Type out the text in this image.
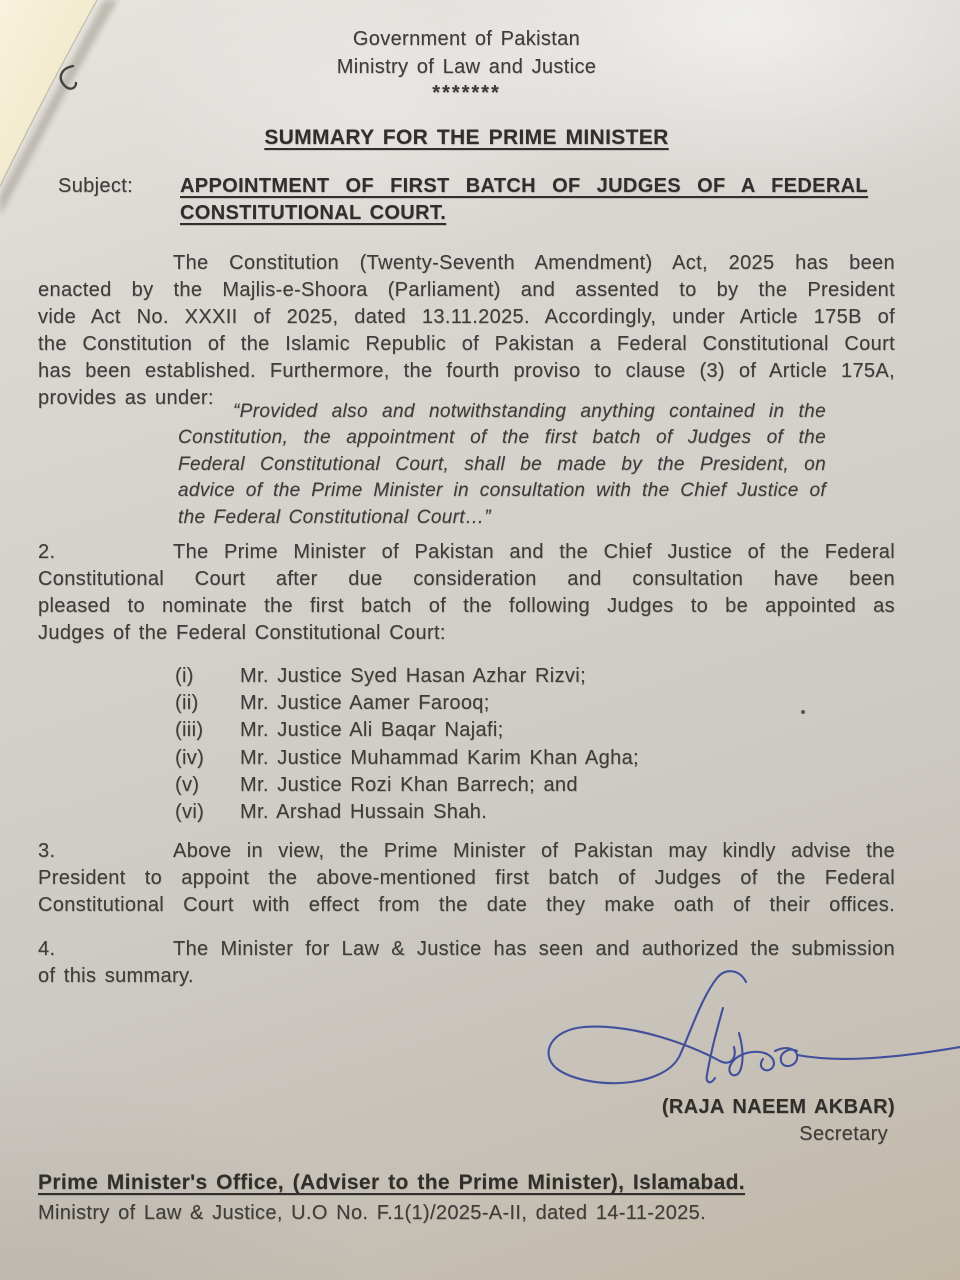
Government of Pakistan
Ministry of Law and Justice
*******
SUMMARY FOR THE PRIME MINISTER
Subject: APPOINTMENT OF FIRST BATCH OF JUDGES OF A FEDERAL
CONSTITUTIONAL COURT.
The Constitution (Twenty-Seventh Amendment) Act, 2025 has been
enacted by the Majlis-e-Shoora (Parliament) and assented to by the President
vide Act No. XXXII of 2025, dated 13.11.2025. Accordingly, under Article 175B of
the Constitution of the Islamic Republic of Pakistan a Federal Constitutional Court
has been established. Furthermore, the fourth proviso to clause (3) of Article 175A,
provides as under:
“Provided also and notwithstanding anything contained in the
Constitution, the appointment of the first batch of Judges of the
Federal Constitutional Court, shall be made by the President, on
advice of the Prime Minister in consultation with the Chief Justice of
the Federal Constitutional Court…”
2.	The Prime Minister of Pakistan and the Chief Justice of the Federal
Constitutional Court after due consideration and consultation have been
pleased to nominate the first batch of the following Judges to be appointed as
Judges of the Federal Constitutional Court:
(i) Mr. Justice Syed Hasan Azhar Rizvi;
(ii) Mr. Justice Aamer Farooq;
(iii) Mr. Justice Ali Baqar Najafi;
(iv) Mr. Justice Muhammad Karim Khan Agha;
(v) Mr. Justice Rozi Khan Barrech; and
(vi) Mr. Arshad Hussain Shah.
3.	Above in view, the Prime Minister of Pakistan may kindly advise the
President to appoint the above-mentioned first batch of Judges of the Federal
Constitutional Court with effect from the date they make oath of their offices.
4.	The Minister for Law & Justice has seen and authorized the submission
of this summary.
(RAJA NAEEM AKBAR)
Secretary
Prime Minister's Office, (Adviser to the Prime Minister), Islamabad.
Ministry of Law & Justice, U.O No. F.1(1)/2025-A-II, dated 14-11-2025.
